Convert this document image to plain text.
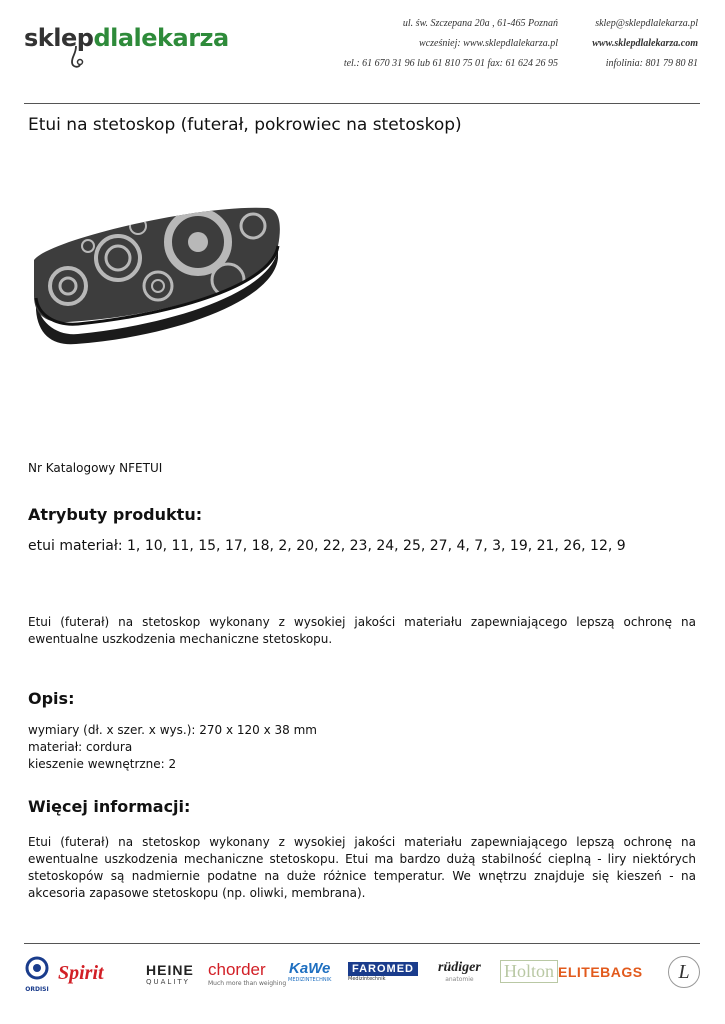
sklepdlalekarza
ul. św. Szczepana 20a , 61-465 Poznań
wcześniej: www.sklepdlalekarza.pl
tel.: 61 670 31 96 lub 61 810 75 01 fax: 61 624 26 95
sklep@sklepdlalekarza.pl
www.sklepdlalekarza.com
infolinia: 801 79 80 81
Etui na stetoskop (futerał, pokrowiec na stetoskop)
Nr Katalogowy NFETUI
Atrybuty produktu:
etui materiał: 1, 10, 11, 15, 17, 18, 2, 20, 22, 23, 24, 25, 27, 4, 7, 3, 19, 21, 26, 12, 9

Etui (futerał) na stetoskop wykonany z wysokiej jakości materiału zapewniającego lepszą ochronę na ewentualne uszkodzenia mechaniczne stetoskopu.

Opis:
wymiary (dł. x szer. x wys.): 270 x 120 x 38 mm
materiał: cordura
kieszenie wewnętrzne: 2
Więcej informacji:

Etui (futerał) na stetoskop wykonany z wysokiej jakości materiału zapewniającego lepszą ochronę na ewentualne uszkodzenia mechaniczne stetoskopu. Etui ma bardzo dużą stabilność cieplną - liry niektórych stetoskopów są nadmiernie podatne na duże różnice temperatur. We wnętrzu znajduje się kieszeń - na akcesoria zapasowe stetoskopu (np. oliwki, membrana).

ORDISI
Spirit	HEINE
QUALITY
chorder
Much more than weighing
KaWe
MEDIZINTECHNIK
FAROMED
Medizintechnik
rüdiger
anatomie	Holton ELITEBAGS	L
